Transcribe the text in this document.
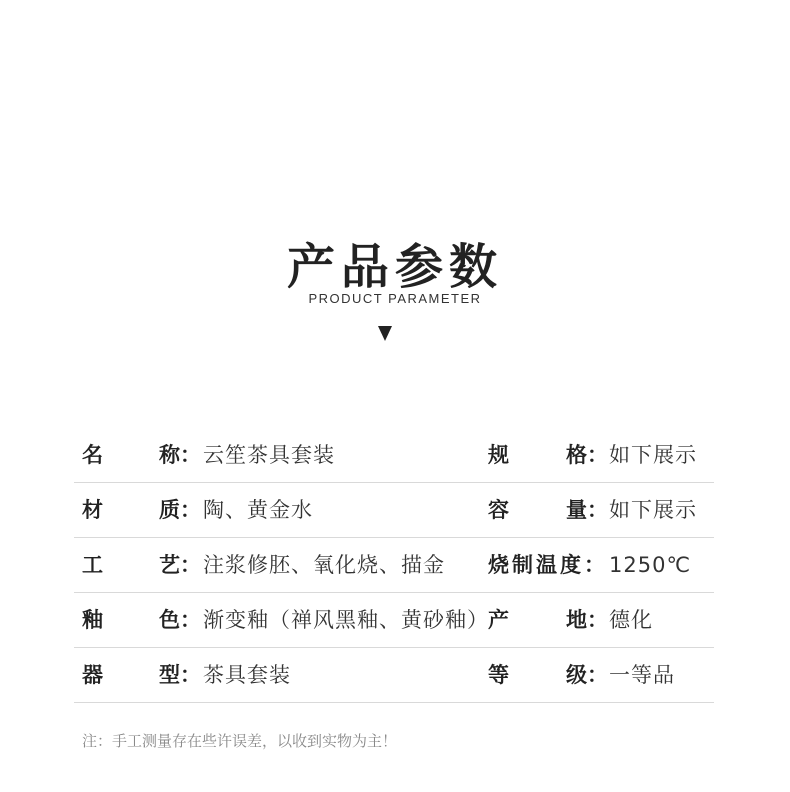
产品参数
PRODUCT PARAMETER
名	称： 云笙茶具套装	规	格： 如下展示
材	质： 陶、黄金水	容	量： 如下展示
工	艺： 注浆修胚、氧化烧、描金 烧制温度： 1250℃
釉	色： 渐变釉（禅风黑釉、黄砂釉） 产	地： 德化
器	型： 茶具套装	等	级： 一等品
注：手工测量存在些许误差，以收到实物为主！
